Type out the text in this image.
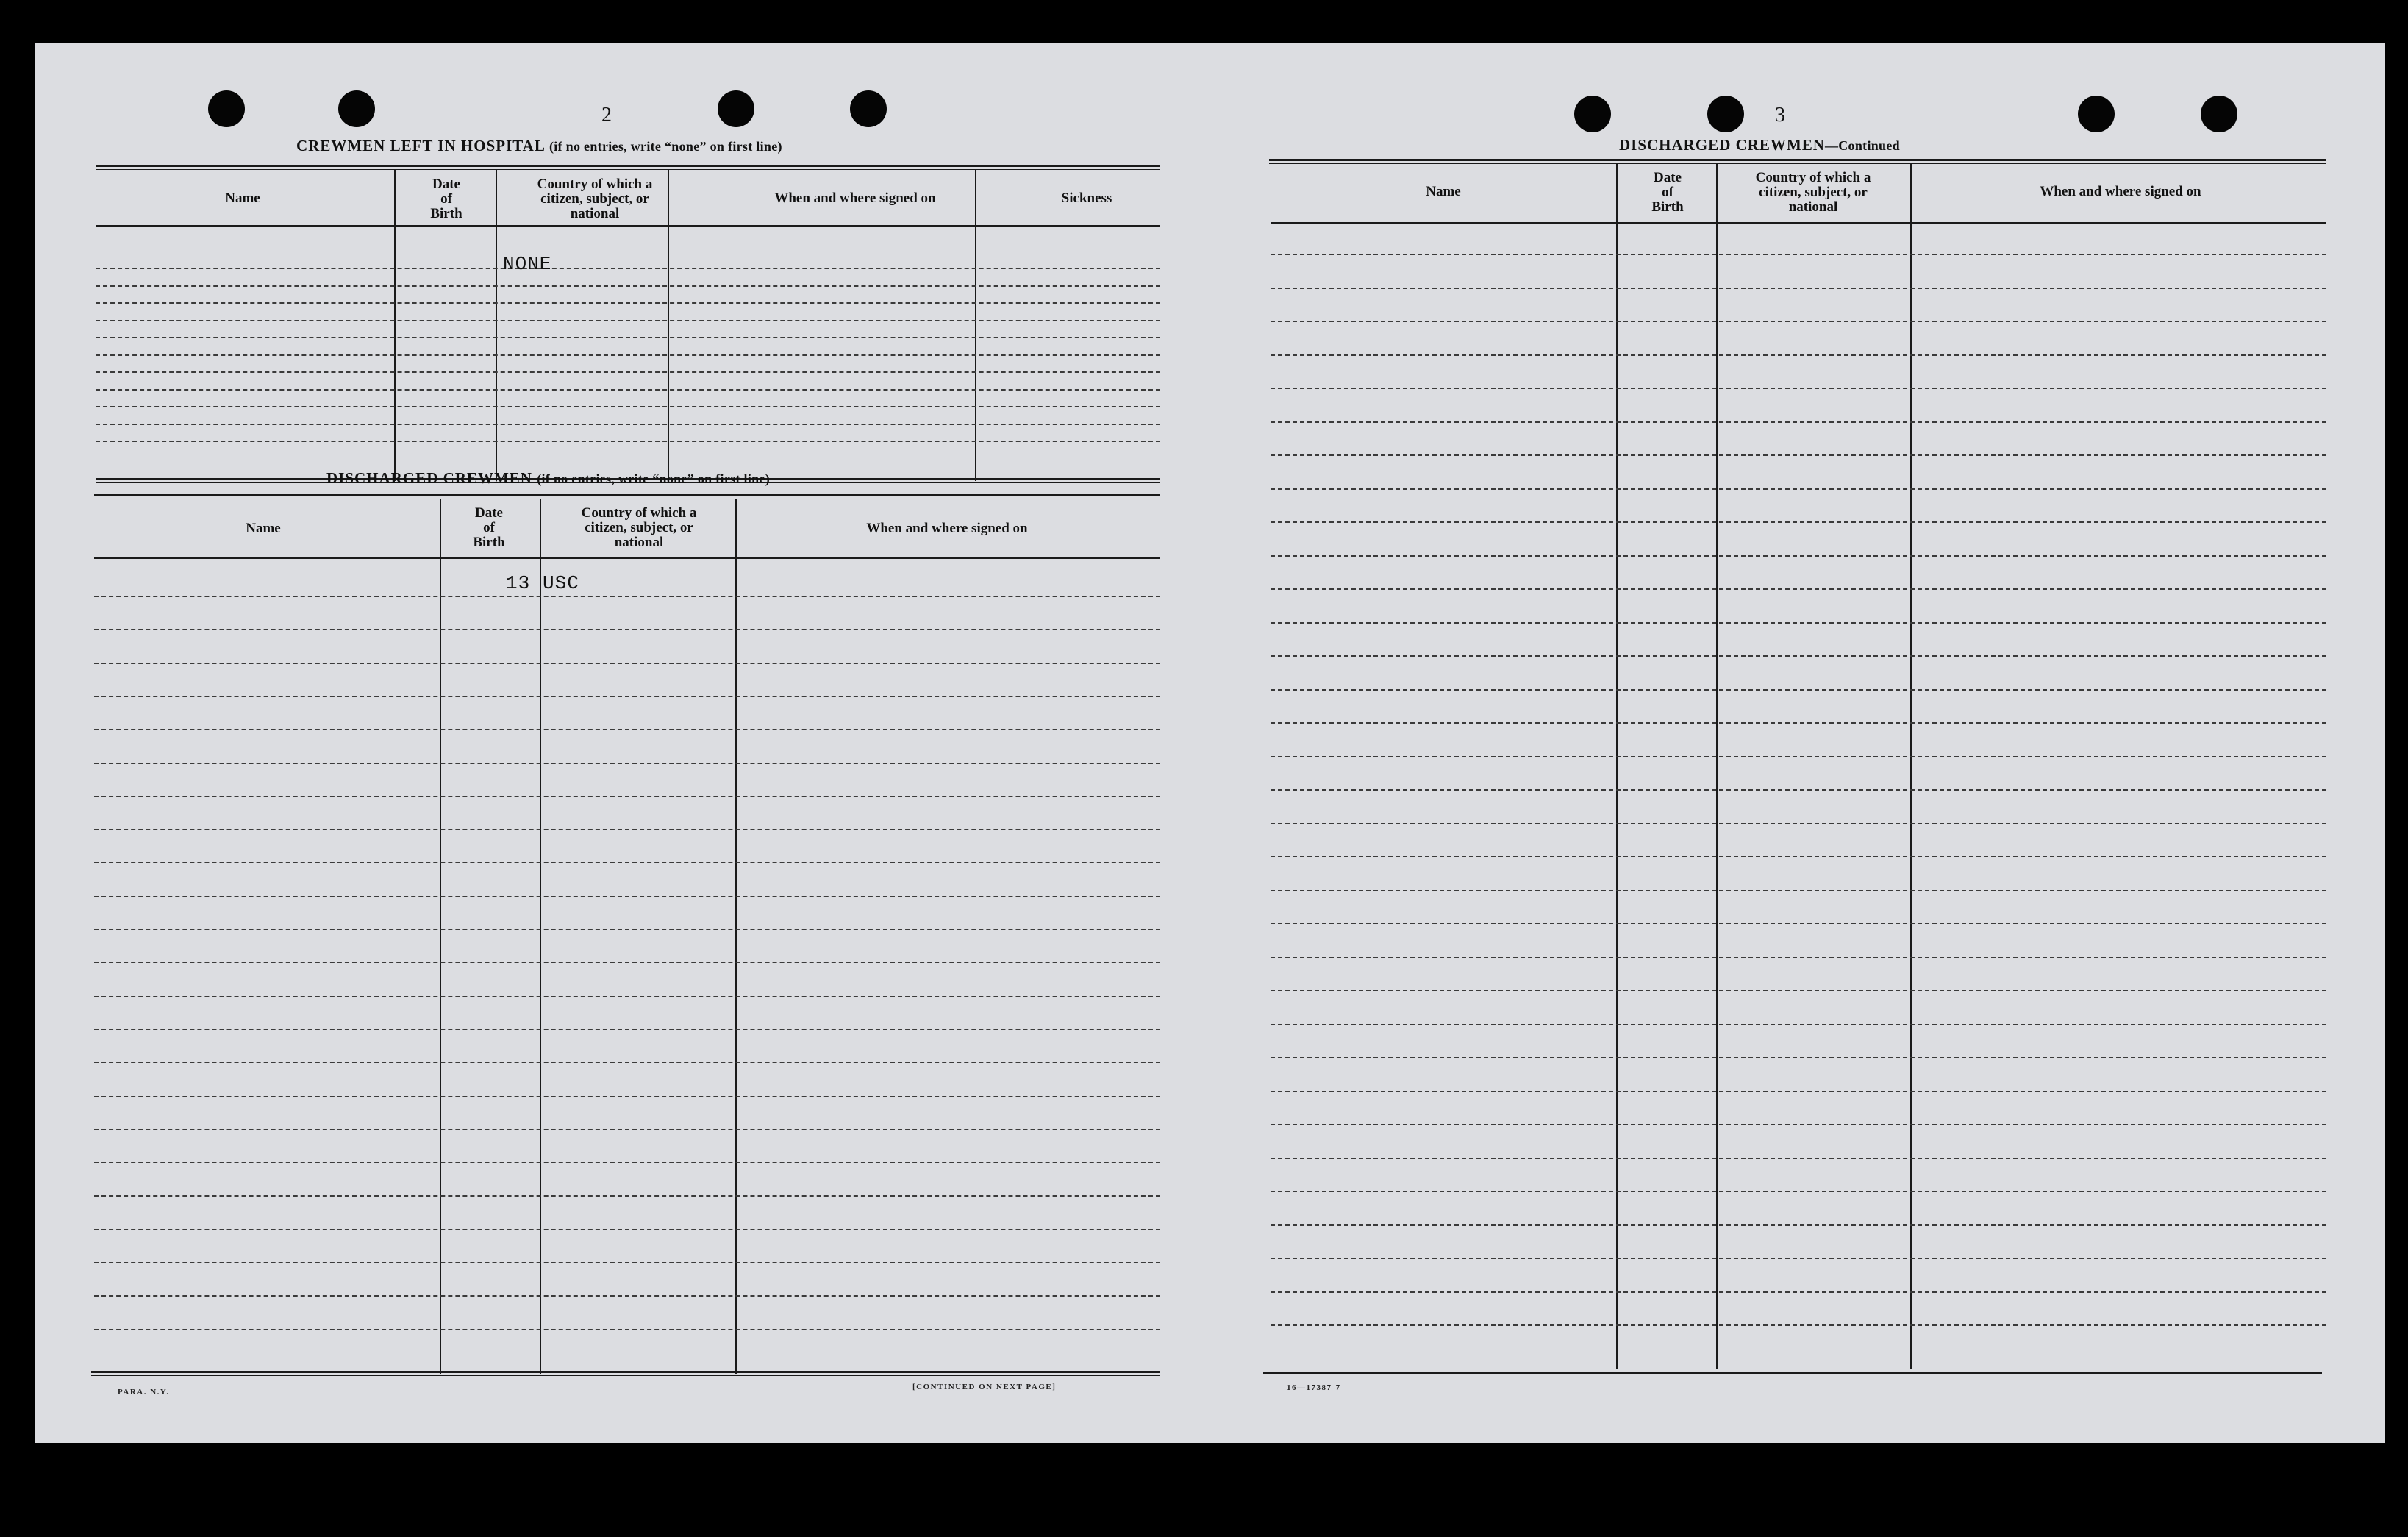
2
CREWMEN LEFT IN HOSPITAL (if no entries, write “none” on first line)
Name
Date
of
Birth
Country of which a
citizen, subject, or
national
When and where signed on	Sickness
NONE
DISCHARGED CREWMEN (if no entries, write “none” on first line)
Name
Date
of
Birth
Country of which a
citizen, subject, or
national
When and where signed on
13 USC
PARA. N.Y.
[CONTINUED ON NEXT PAGE]
3
DISCHARGED CREWMEN—Continued
Name
Date
of
Birth
Country of which a
citizen, subject, or
national
When and where signed on
16—17387-7
